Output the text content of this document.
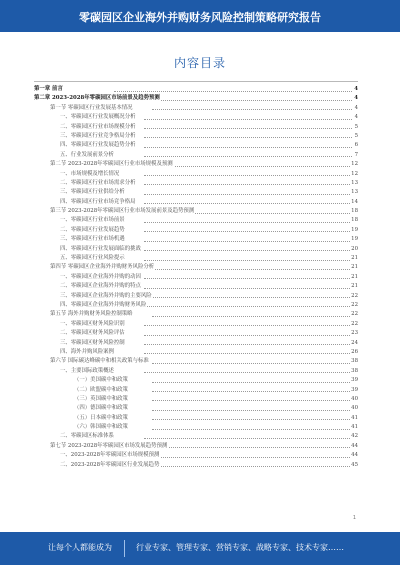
零碳园区企业海外并购财务风险控制策略研究报告
内容目录
第一章 前言	4
第二章 2023-2028年零碳园区市场前景及趋势预测	4
第一节 零碳园区行业发展基本情况	4
一、零碳园区行业发展概况分析	4
二、零碳园区行业市场规模分析	5
三、零碳园区行业竞争格局分析	5
四、零碳园区行业发展趋势分析	6
五、行业发展前景分析	7
第二节 2023-2028年零碳园区行业市场规模及预测	12
一、市场规模及增长情况	12
二、零碳园区行业市场需求分析	13
三、零碳园区行业供给分析	13
四、零碳园区行业市场竞争格局	14
第三节 2023-2028年零碳园区行业市场发展前景及趋势预测	18
一、零碳园区行业市场前景	18
二、零碳园区行业发展趋势	19
三、零碳园区行业市场机遇	19
四、零碳园区行业发展面临的挑战	20
五、零碳园区行业风险提示	21
第四节 零碳园区企业海外并购财务风险分析	21
一、零碳园区企业海外并购的动因	21
二、零碳园区企业海外并购的特点	21
三、零碳园区企业海外并购的主要风险	22
四、零碳园区企业海外并购财务风险	22
第五节 海外并购财务风险控制策略	22
一、零碳园区财务风险识别	22
二、零碳园区财务风险评估	23
三、零碳园区财务风险控制	24
四、海外并购风险案例	26
第六节 国际碳达峰碳中和相关政策与标准	38
一、主要国际政策概述	38
（一）美国碳中和政策	39
（二）欧盟碳中和政策	39
（三）英国碳中和政策	40
（四）德国碳中和政策	40
（五）日本碳中和政策	41
（六）韩国碳中和政策	41
二、零碳园区标准体系	42
第七节 2023-2028年零碳园区市场发展趋势预测	44
一、2023-2028年零碳园区市场规模预测	44
二、2023-2028年零碳园区行业发展趋势	45
1
让每个人都能成为	行业专家、管理专家、营销专家、战略专家、技术专家……
